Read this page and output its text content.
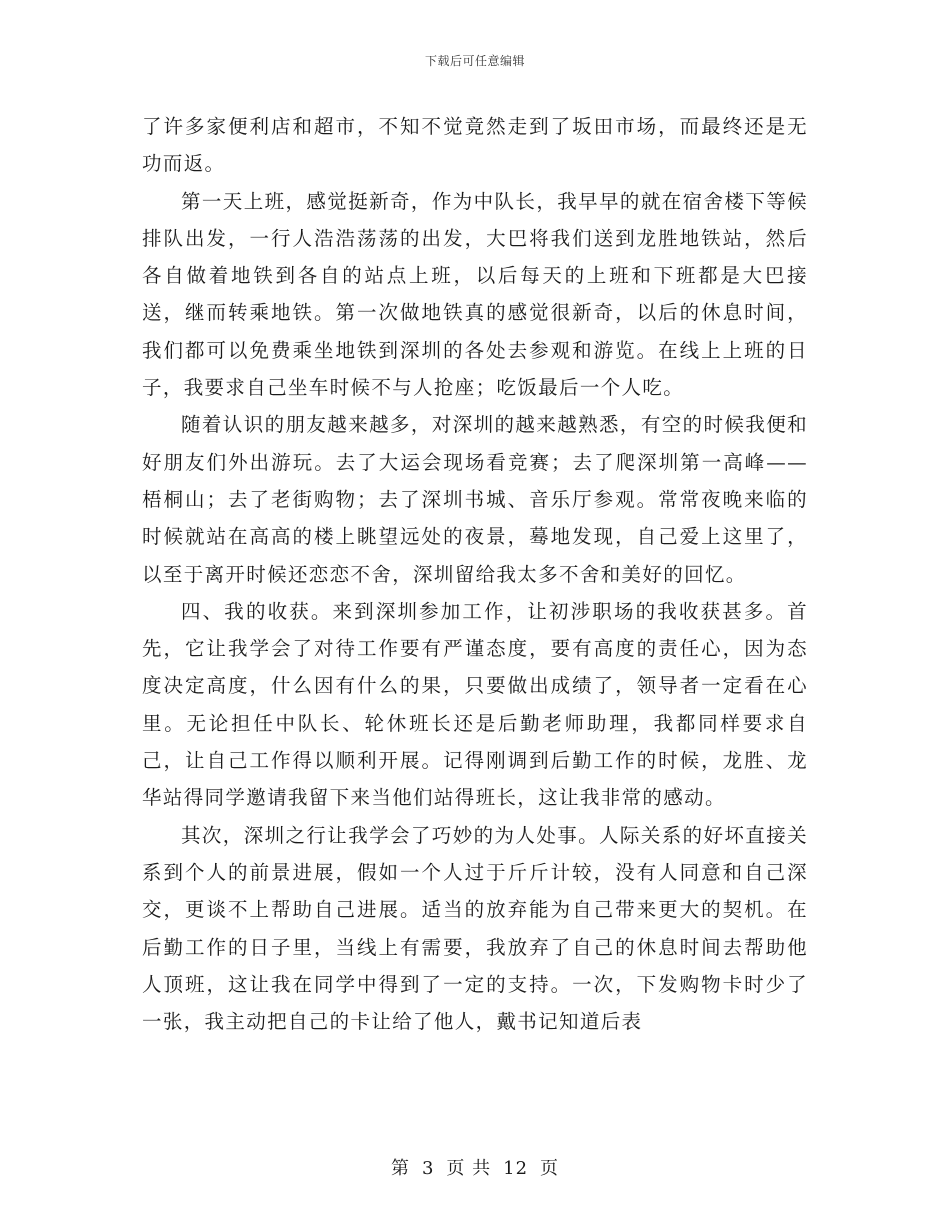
下载后可任意编辑

了许多家便利店和超市，不知不觉竟然走到了坂田市场，而最终还是无功而返。

第一天上班，感觉挺新奇，作为中队长，我早早的就在宿舍楼下等候排队出发，一行人浩浩荡荡的出发，大巴将我们送到龙胜地铁站，然后各自做着地铁到各自的站点上班，以后每天的上班和下班都是大巴接送，继而转乘地铁。第一次做地铁真的感觉很新奇，以后的休息时间，我们都可以免费乘坐地铁到深圳的各处去参观和游览。在线上上班的日子，我要求自己坐车时候不与人抢座；吃饭最后一个人吃。

随着认识的朋友越来越多，对深圳的越来越熟悉，有空的时候我便和好朋友们外出游玩。去了大运会现场看竞赛；去了爬深圳第一高峰——梧桐山；去了老街购物；去了深圳书城、音乐厅参观。常常夜晚来临的时候就站在高高的楼上眺望远处的夜景，蓦地发现，自己爱上这里了，以至于离开时候还恋恋不舍，深圳留给我太多不舍和美好的回忆。

四、我的收获。来到深圳参加工作，让初涉职场的我收获甚多。首先，它让我学会了对待工作要有严谨态度，要有高度的责任心，因为态度决定高度，什么因有什么的果，只要做出成绩了，领导者一定看在心里。无论担任中队长、轮休班长还是后勤老师助理，我都同样要求自己，让自己工作得以顺利开展。记得刚调到后勤工作的时候，龙胜、龙华站得同学邀请我留下来当他们站得班长，这让我非常的感动。

其次，深圳之行让我学会了巧妙的为人处事。人际关系的好坏直接关系到个人的前景进展，假如一个人过于斤斤计较，没有人同意和自己深交，更谈不上帮助自己进展。适当的放弃能为自己带来更大的契机。在后勤工作的日子里，当线上有需要，我放弃了自己的休息时间去帮助他人顶班，这让我在同学中得到了一定的支持。一次，下发购物卡时少了一张，我主动把自己的卡让给了他人，戴书记知道后表

第 3 页 共 12 页
